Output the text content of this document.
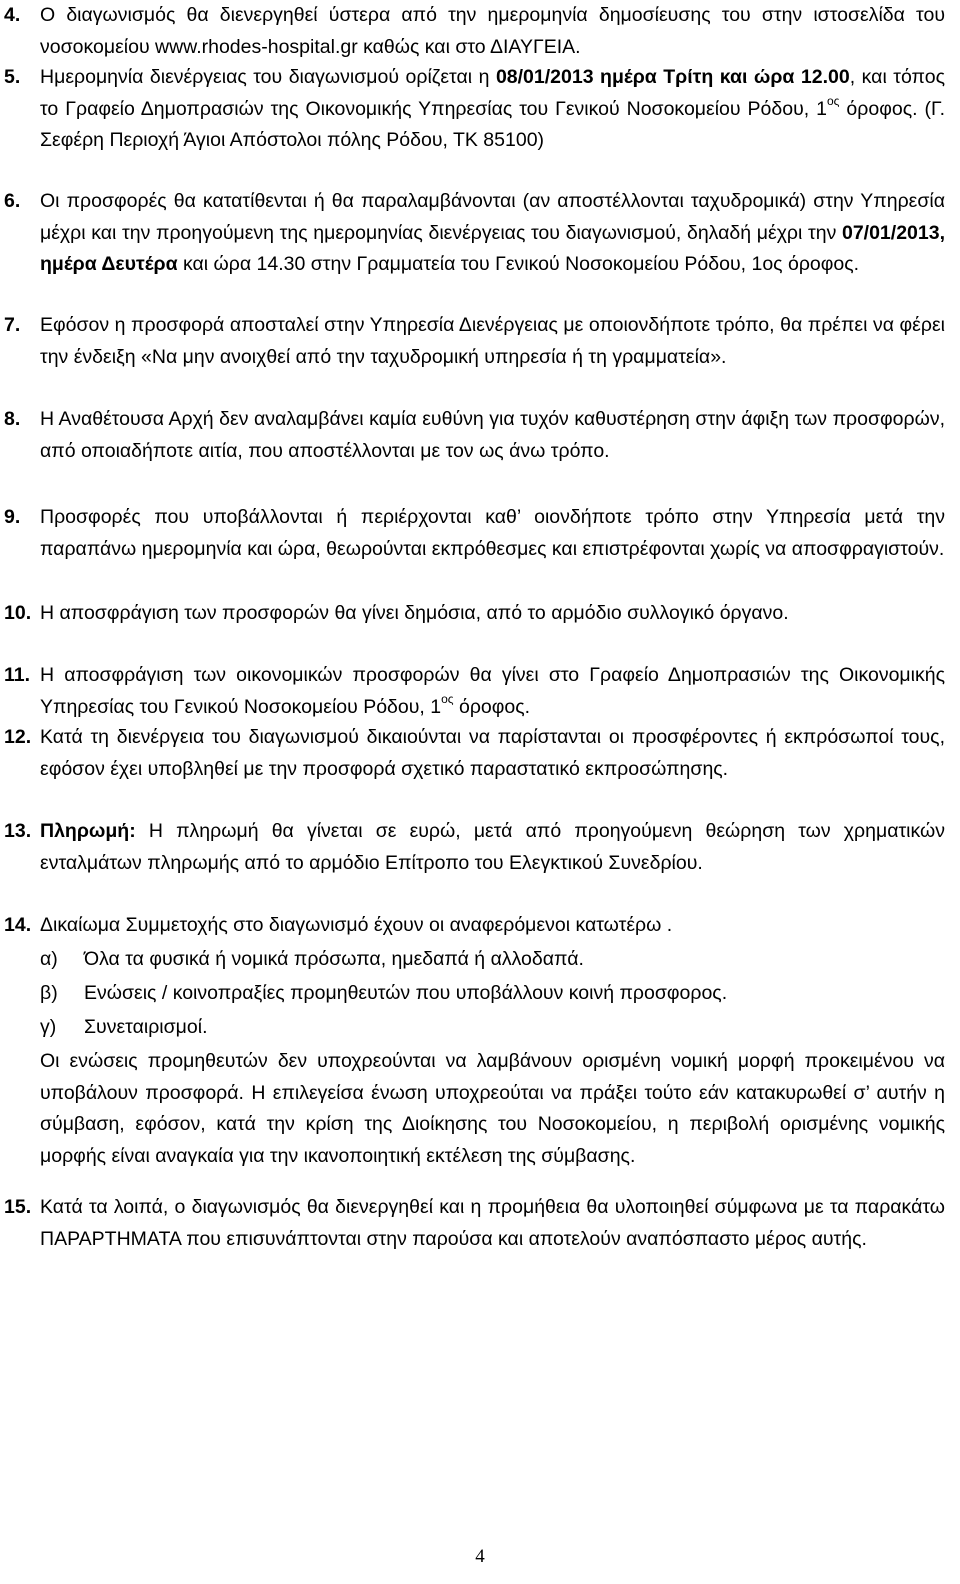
4. Ο διαγωνισμός θα διενεργηθεί ύστερα από την ημερομηνία δημοσίευσης του στην ιστοσελίδα του νοσοκομείου www.rhodes-hospital.gr καθώς και στο ΔΙΑΥΓΕΙΑ.
5. Ημερομηνία διενέργειας του διαγωνισμού ορίζεται η 08/01/2013 ημέρα Τρίτη και ώρα 12.00, και τόπος το Γραφείο Δημοπρασιών της Οικονομικής Υπηρεσίας του Γενικού Νοσοκομείου Ρόδου, $1^{o\varsigma}$ όροφος. (Γ. Σεφέρη Περιοχή Άγιοι Απόστολοι πόλης Ρόδου, ΤΚ 85100)
6. Οι προσφορές θα κατατίθενται ή θα παραλαμβάνονται (αν αποστέλλονται ταχυδρομικά) στην Υπηρεσία μέχρι και την προηγούμενη της ημερομηνίας διενέργειας του διαγωνισμού, δηλαδή μέχρι την 07/01/2013, ημέρα Δευτέρα και ώρα 14.30 στην Γραμματεία του Γενικού Νοσοκομείου Ρόδου, 1ος όροφος.
7. Εφόσον η προσφορά αποσταλεί στην Υπηρεσία Διενέργειας με οποιονδήποτε τρόπο, θα πρέπει να φέρει την ένδειξη «Να μην ανοιχθεί από την ταχυδρομική υπηρεσία ή τη γραμματεία».
8. Η Αναθέτουσα Αρχή δεν αναλαμβάνει καμία ευθύνη για τυχόν καθυστέρηση στην άφιξη των προσφορών, από οποιαδήποτε αιτία, που αποστέλλονται με τον ως άνω τρόπο.
9. Προσφορές που υποβάλλονται ή περιέρχονται καθ’ οιονδήποτε τρόπο στην Υπηρεσία μετά την παραπάνω ημερομηνία και ώρα, θεωρούνται εκπρόθεσμες και επιστρέφονται χωρίς να αποσφραγιστούν.
10. Η αποσφράγιση των προσφορών θα γίνει δημόσια, από το αρμόδιο συλλογικό όργανο.
11. Η αποσφράγιση των οικονομικών προσφορών θα γίνει στο Γραφείο Δημοπρασιών της Οικονομικής Υπηρεσίας του Γενικού Νοσοκομείου Ρόδου, $1^{o\varsigma}$ όροφος.
12. Κατά τη διενέργεια του διαγωνισμού δικαιούνται να παρίστανται οι προσφέροντες ή εκπρόσωποί τους, εφόσον έχει υποβληθεί με την προσφορά σχετικό παραστατικό εκπροσώπησης.
13. Πληρωμή: Η πληρωμή θα γίνεται σε ευρώ, μετά από προηγούμενη θεώρηση των χρηματικών ενταλμάτων πληρωμής από το αρμόδιο Επίτροπο του Ελεγκτικού Συνεδρίου.
14. Δικαίωμα Συμμετοχής στο διαγωνισμό έχουν οι αναφερόμενοι κατωτέρω .
α) Όλα τα φυσικά ή νομικά πρόσωπα, ημεδαπά ή αλλοδαπά.
β) Ενώσεις / κοινοπραξίες προμηθευτών που υποβάλλουν κοινή προσφορος.
γ) Συνεταιρισμοί.
Οι ενώσεις προμηθευτών δεν υποχρεούνται να λαμβάνουν ορισμένη νομική μορφή προκειμένου να υποβάλουν προσφορά. Η επιλεγείσα ένωση υποχρεούται να πράξει τούτο εάν κατακυρωθεί σ’ αυτήν η σύμβαση, εφόσον, κατά την κρίση της Διοίκησης του Νοσοκομείου, η περιβολή ορισμένης νομικής μορφής είναι αναγκαία για την ικανοποιητική εκτέλεση της σύμβασης.
15. Κατά τα λοιπά, ο διαγωνισμός θα διενεργηθεί και η προμήθεια θα υλοποιηθεί σύμφωνα με τα παρακάτω ΠΑΡΑΡΤΗΜΑΤΑ που επισυνάπτονται στην παρούσα και αποτελούν αναπόσπαστο μέρος αυτής.
4
